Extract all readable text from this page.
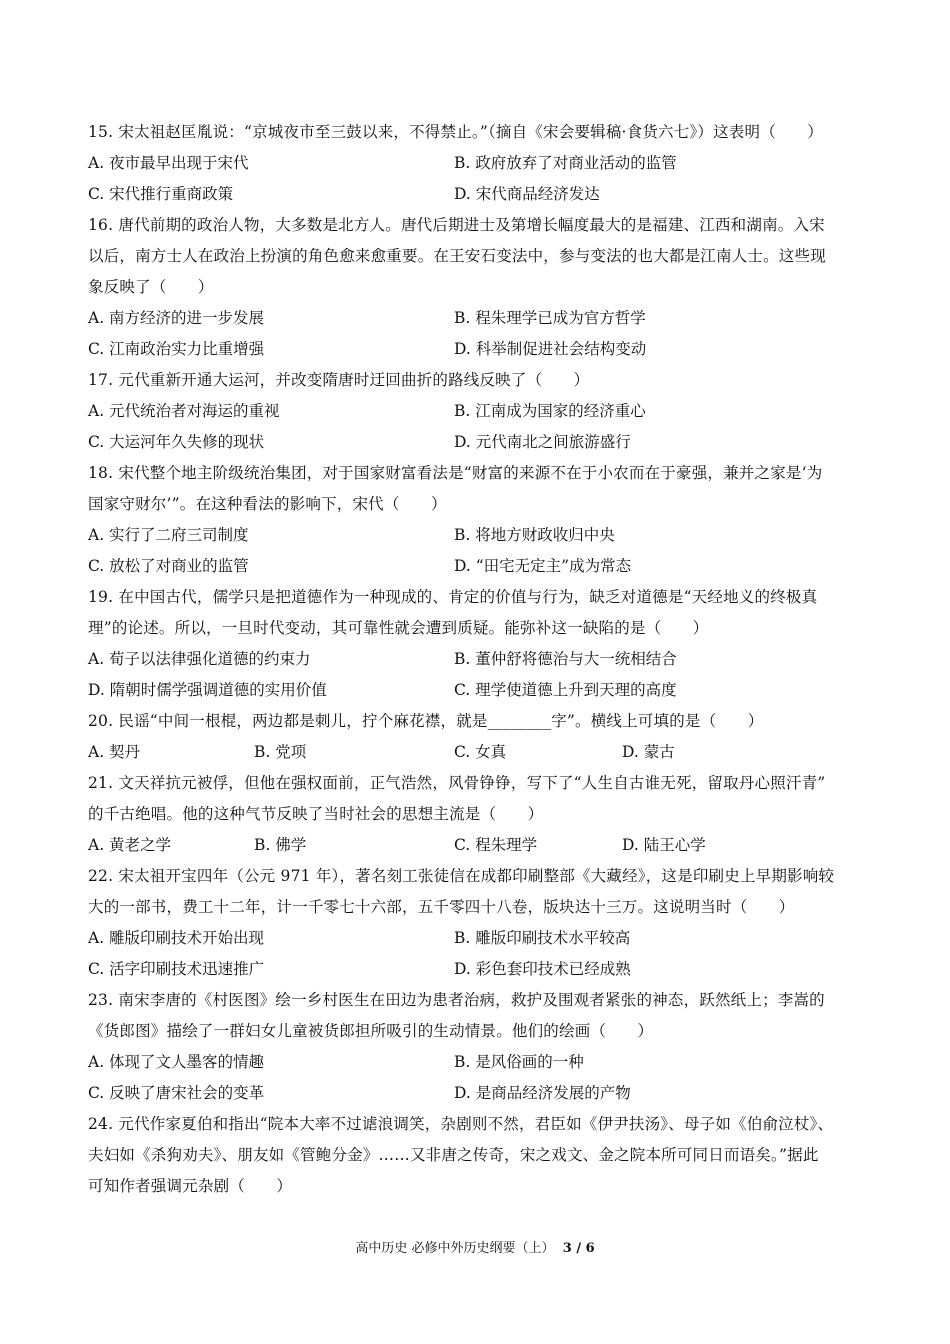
15. 宋太祖赵匡胤说：“京城夜市至三鼓以来，不得禁止。”（摘自《宋会要辑稿·食货六七》）这表明（　　）
A. 夜市最早出现于宋代	B. 政府放弃了对商业活动的监管
C. 宋代推行重商政策	D. 宋代商品经济发达
16. 唐代前期的政治人物，大多数是北方人。唐代后期进士及第增长幅度最大的是福建、江西和湖南。入宋
以后，南方士人在政治上扮演的角色愈来愈重要。在王安石变法中，参与变法的也大都是江南人士。这些现
象反映了（　　）
A. 南方经济的进一步发展	B. 程朱理学已成为官方哲学
C. 江南政治实力比重增强	D. 科举制促进社会结构变动
17. 元代重新开通大运河，并改变隋唐时迂回曲折的路线反映了（　　）
A. 元代统治者对海运的重视	B. 江南成为国家的经济重心
C. 大运河年久失修的现状	D. 元代南北之间旅游盛行
18. 宋代整个地主阶级统治集团，对于国家财富看法是“财富的来源不在于小农而在于豪强，兼并之家是‘为
国家守财尔’”。在这种看法的影响下，宋代（　　）
A. 实行了二府三司制度	B. 将地方财政收归中央
C. 放松了对商业的监管	D. “田宅无定主”成为常态
19. 在中国古代，儒学只是把道德作为一种现成的、肯定的价值与行为，缺乏对道德是“天经地义的终极真
理”的论述。所以，一旦时代变动，其可靠性就会遭到质疑。能弥补这一缺陷的是（　　）
A. 荀子以法律强化道德的约束力	B. 董仲舒将德治与大一统相结合
D. 隋朝时儒学强调道德的实用价值	C. 理学使道德上升到天理的高度
20. 民谣“中间一根棍，两边都是刺儿，拧个麻花襟，就是________字”。横线上可填的是（　　）
A. 契丹	B. 党项	C. 女真	D. 蒙古
21. 文天祥抗元被俘，但他在强权面前，正气浩然，风骨铮铮，写下了“人生自古谁无死，留取丹心照汗青”
的千古绝唱。他的这种气节反映了当时社会的思想主流是（　　）
A. 黄老之学	B. 佛学	C. 程朱理学	D. 陆王心学
22. 宋太祖开宝四年（公元 971 年），著名刻工张徒信在成都印刷整部《大藏经》，这是印刷史上早期影响较
大的一部书，费工十二年，计一千零七十六部，五千零四十八卷，版块达十三万。这说明当时（　　）
A. 雕版印刷技术开始出现	B. 雕版印刷技术水平较高
C. 活字印刷技术迅速推广	D. 彩色套印技术已经成熟
23. 南宋李唐的《村医图》绘一乡村医生在田边为患者治病，救护及围观者紧张的神态，跃然纸上；李嵩的
《货郎图》描绘了一群妇女儿童被货郎担所吸引的生动情景。他们的绘画（　　）
A. 体现了文人墨客的情趣	B. 是风俗画的一种
C. 反映了唐宋社会的变革	D. 是商品经济发展的产物
24. 元代作家夏伯和指出“院本大率不过谑浪调笑，杂剧则不然，君臣如《伊尹扶汤》、母子如《伯俞泣杖》、
夫妇如《杀狗劝夫》、朋友如《管鲍分金》……又非唐之传奇，宋之戏文、金之院本所可同日而语矣。”据此
可知作者强调元杂剧（　　）
高中历史 必修中外历史纲要（上） 3 / 6
